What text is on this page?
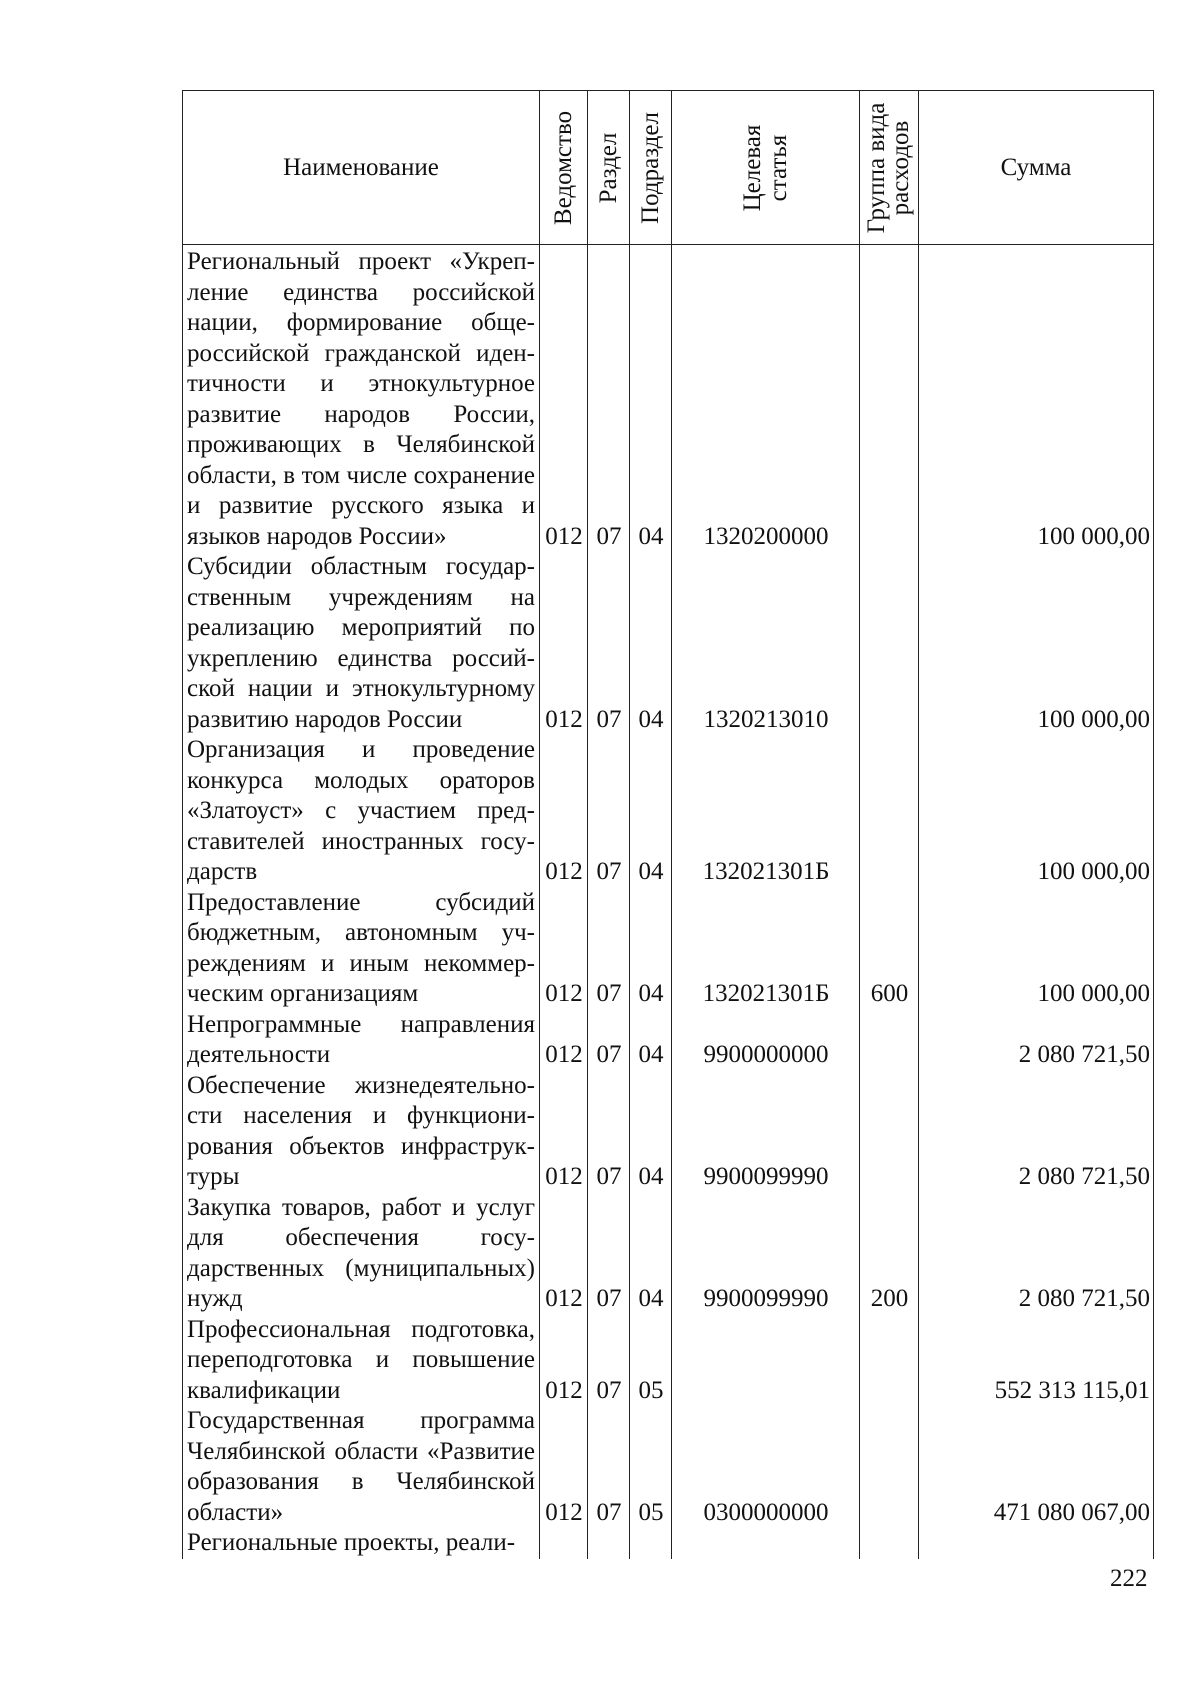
Наименование	Ведомство	Раздел	Подраздел	Целевая статья	Группа вида расходов	Сумма

Региональный проект «Укрепление единства российской нации, формирование общероссийской гражданской идентичности и этнокультурное развитие народов России, проживающих в Челябинской области, в том числе сохранение и развитие русского языка и языков народов России»	012	07	04	1320200000		100 000,00
Субсидии областным государственным учреждениям на реализацию мероприятий по укреплению единства российской нации и этнокультурному развитию народов России	012	07	04	1320213010		100 000,00
Организация и проведение конкурса молодых ораторов «Златоуст» с участием представителей иностранных государств	012	07	04	132021301Б		100 000,00
Предоставление субсидий бюджетным, автономным учреждениям и иным некоммерческим организациям	012	07	04	132021301Б	600	100 000,00
Непрограммные направления деятельности	012	07	04	9900000000		2 080 721,50
Обеспечение жизнедеятельности населения и функционирования объектов инфраструктуры	012	07	04	9900099990		2 080 721,50
Закупка товаров, работ и услуг для обеспечения государственных (муниципальных) нужд	012	07	04	9900099990	200	2 080 721,50
Профессиональная подготовка, переподготовка и повышение квалификации	012	07	05			552 313 115,01
Государственная программа Челябинской области «Развитие образования в Челябинской области»	012	07	05	0300000000		471 080 067,00
Региональные проекты, реали-						
222
